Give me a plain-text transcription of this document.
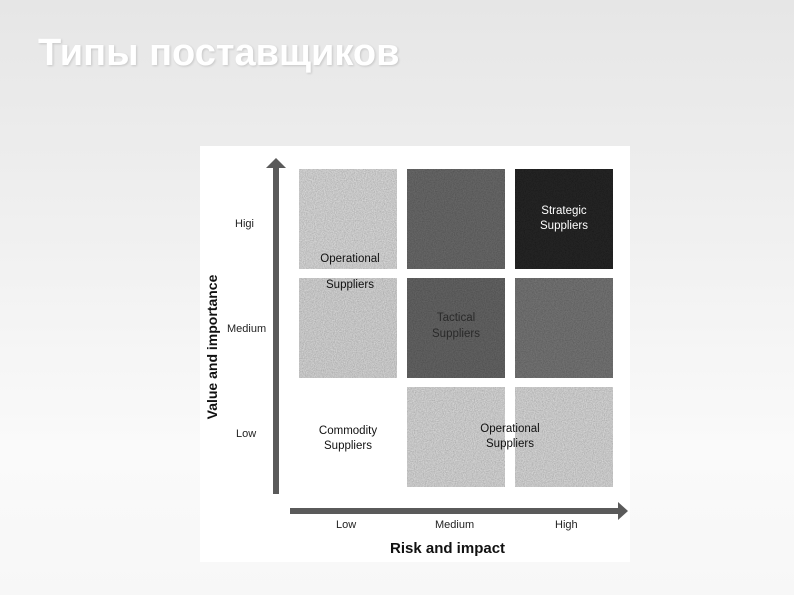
Типы поставщиков
Higi
Medium
Low
Value and importance
Low	Medium	High
Risk and impact
Operational
Suppliers
Strategic
Suppliers
Tactical
Suppliers
Commodity
Suppliers
Operational
Suppliers
